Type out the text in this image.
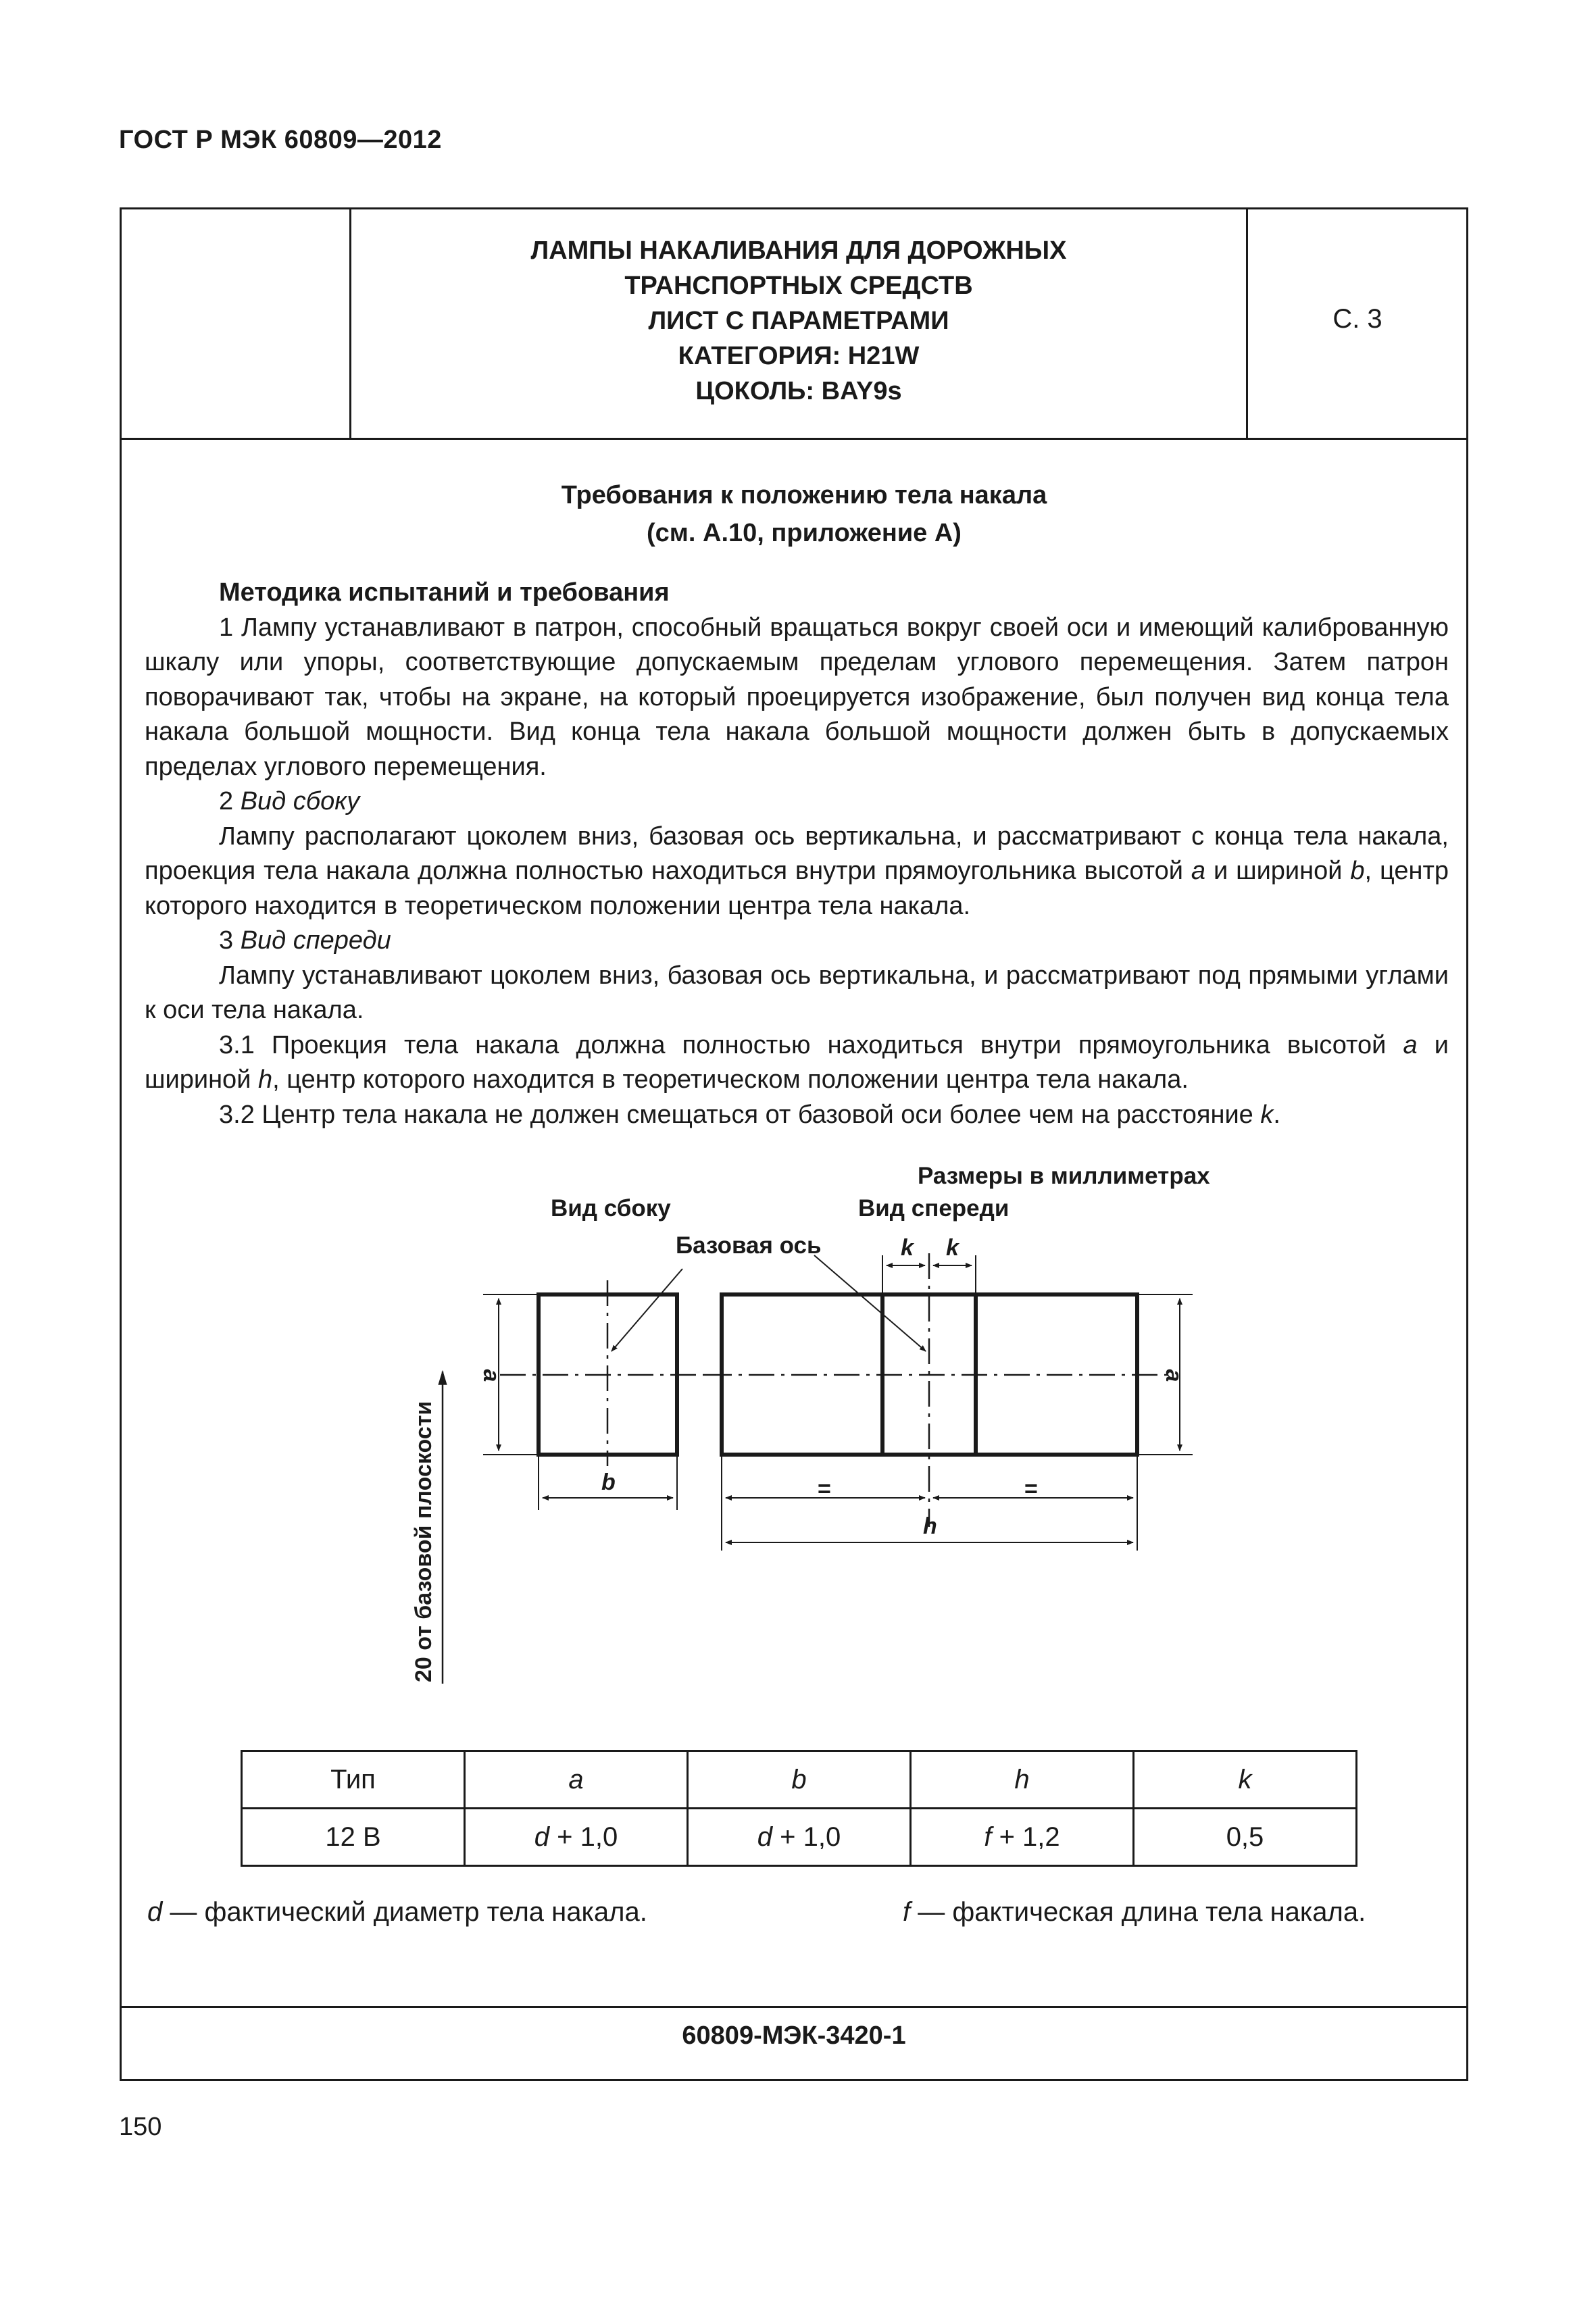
ГОСТ Р МЭК 60809—2012
ЛАМПЫ НАКАЛИВАНИЯ ДЛЯ ДОРОЖНЫХ
ТРАНСПОРТНЫХ СРЕДСТВ
ЛИСТ С ПАРАМЕТРАМИ
КАТЕГОРИЯ: H21W
ЦОКОЛЬ: BAY9s
С. 3
Требования к положению тела накала
(см. А.10, приложение А)

Методика испытаний и требования

1 Лампу устанавливают в патрон, способный вращаться вокруг своей оси и имеющий калиброванную шкалу или упоры, соответствующие допускаемым пределам углового перемещения. Затем патрон поворачивают так, чтобы на экране, на который проецируется изображение, был получен вид конца тела накала большой мощности. Вид конца тела накала большой мощности должен быть в допускаемых пределах углового перемещения.

2 Вид сбоку

Лампу располагают цоколем вниз, базовая ось вертикальна, и рассматривают с конца тела накала, проекция тела накала должна полностью находиться внутри прямоугольника высотой a и шириной b, центр которого находится в теоретическом положении центра тела накала.

3 Вид спереди

Лампу устанавливают цоколем вниз, базовая ось вертикальна, и рассматривают под прямыми углами к оси тела накала.

3.1 Проекция тела накала должна полностью находиться внутри прямоугольника высотой a и шириной h, центр которого находится в теоретическом положении центра тела накала.

3.2 Центр тела накала не должен смещаться от базовой оси более чем на расстояние k.

Размеры в миллиметрах
Вид сбоку	Вид спереди
Базовая ось	k k
b	=	=
h
a	a
20 от базовой плоскости
Тип	a	b	h	k
12 В	d + 1,0	d + 1,0	f + 1,2	0,5
d — фактический диаметр тела накала.	f — фактическая длина тела накала.
60809-МЭК-3420-1
150
